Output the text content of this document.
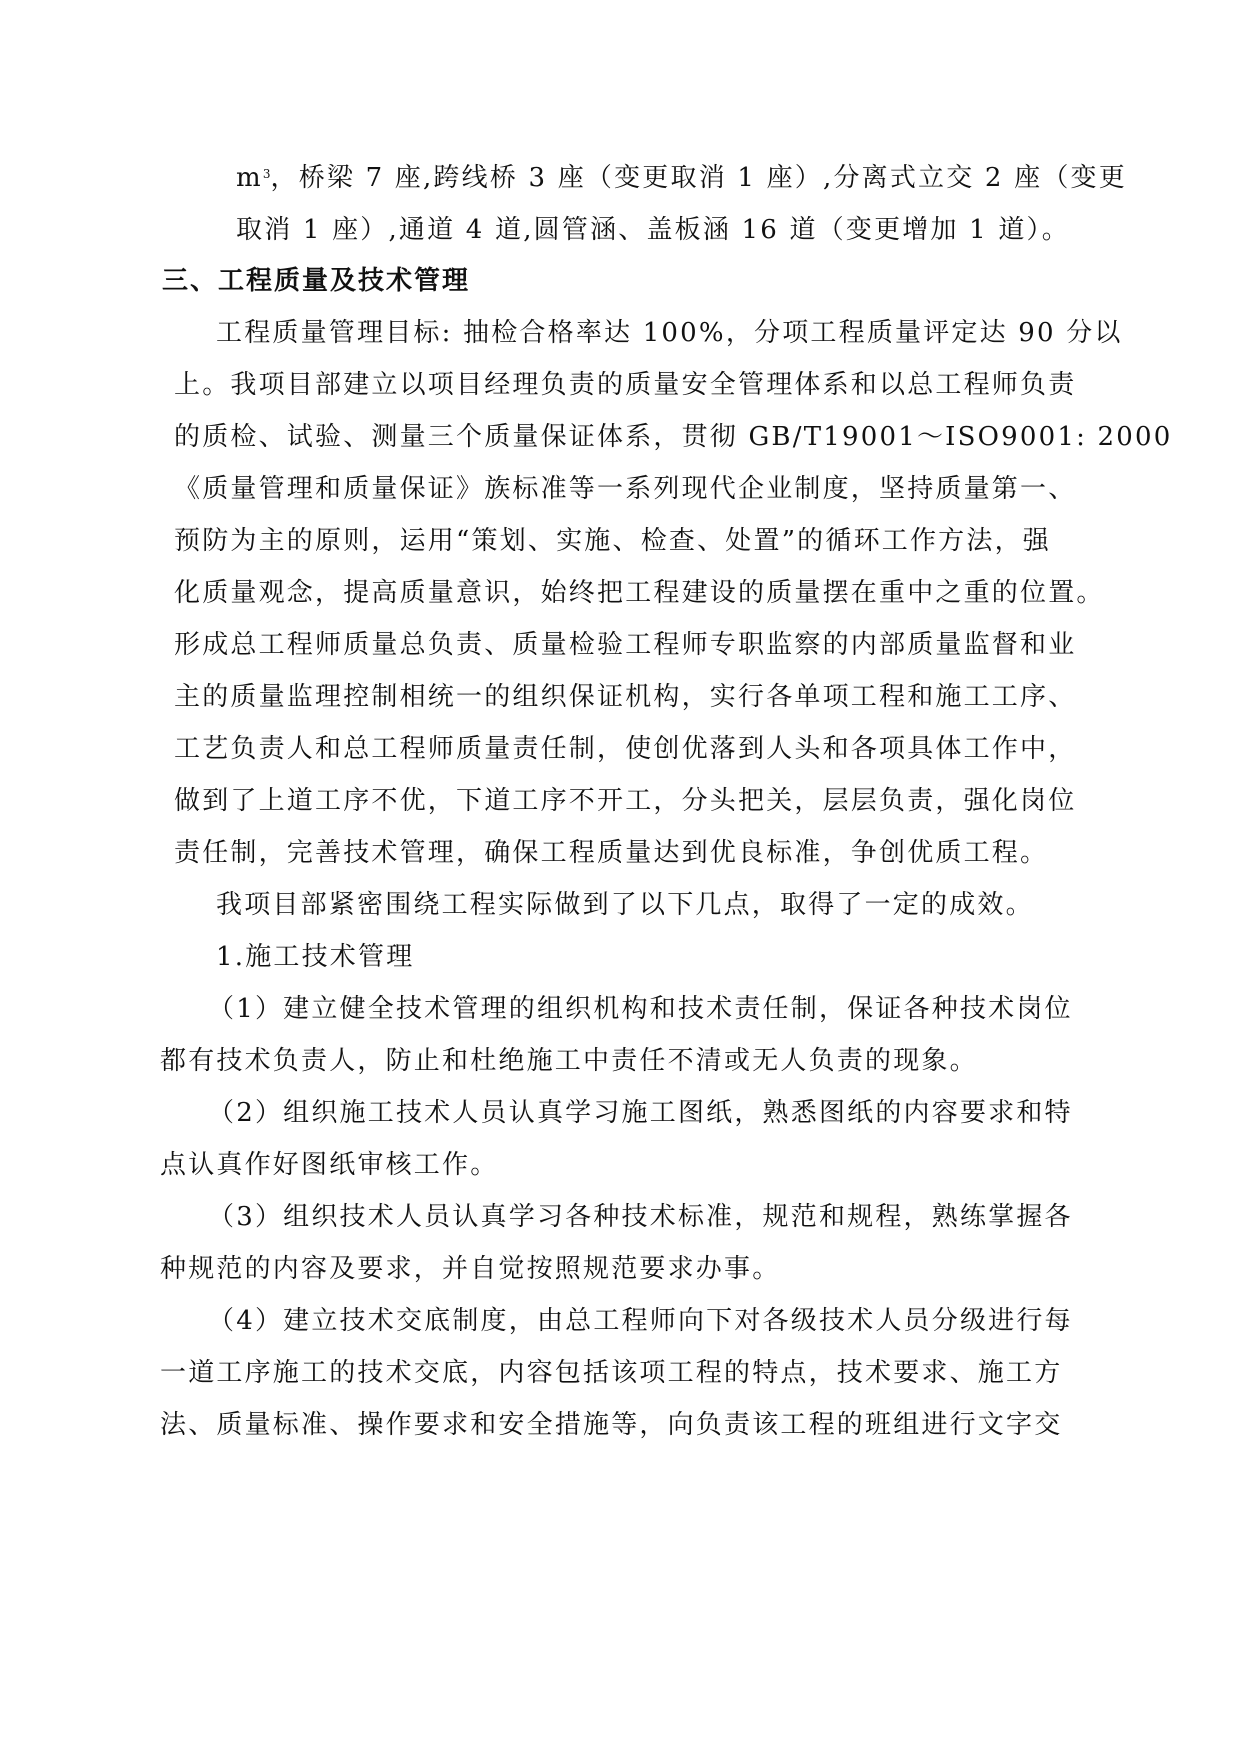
$m^3$，桥梁 7 座,跨线桥 3 座（变更取消 1 座）,分离式立交 2 座（变更
取消 1 座）,通道 4 道,圆管涵、盖板涵 16 道（变更增加 1 道）。
三、工程质量及技术管理
工程质量管理目标: 抽检合格率达 100%，分项工程质量评定达 90 分以
上。我项目部建立以项目经理负责的质量安全管理体系和以总工程师负责
的质检、试验、测量三个质量保证体系，贯彻 GB/T19001～ISO9001: 2000
《质量管理和质量保证》族标准等一系列现代企业制度，坚持质量第一、
预防为主的原则，运用“策划、实施、检查、处置”的循环工作方法，强
化质量观念，提高质量意识，始终把工程建设的质量摆在重中之重的位置。
形成总工程师质量总负责、质量检验工程师专职监察的内部质量监督和业
主的质量监理控制相统一的组织保证机构，实行各单项工程和施工工序、
工艺负责人和总工程师质量责任制，使创优落到人头和各项具体工作中，
做到了上道工序不优，下道工序不开工，分头把关，层层负责，强化岗位
责任制，完善技术管理，确保工程质量达到优良标准，争创优质工程。
我项目部紧密围绕工程实际做到了以下几点，取得了一定的成效。
1.施工技术管理
（1）建立健全技术管理的组织机构和技术责任制，保证各种技术岗位
都有技术负责人，防止和杜绝施工中责任不清或无人负责的现象。
（2）组织施工技术人员认真学习施工图纸，熟悉图纸的内容要求和特
点认真作好图纸审核工作。
（3）组织技术人员认真学习各种技术标准，规范和规程，熟练掌握各
种规范的内容及要求，并自觉按照规范要求办事。
（4）建立技术交底制度，由总工程师向下对各级技术人员分级进行每
一道工序施工的技术交底，内容包括该项工程的特点，技术要求、施工方
法、质量标准、操作要求和安全措施等，向负责该工程的班组进行文字交
